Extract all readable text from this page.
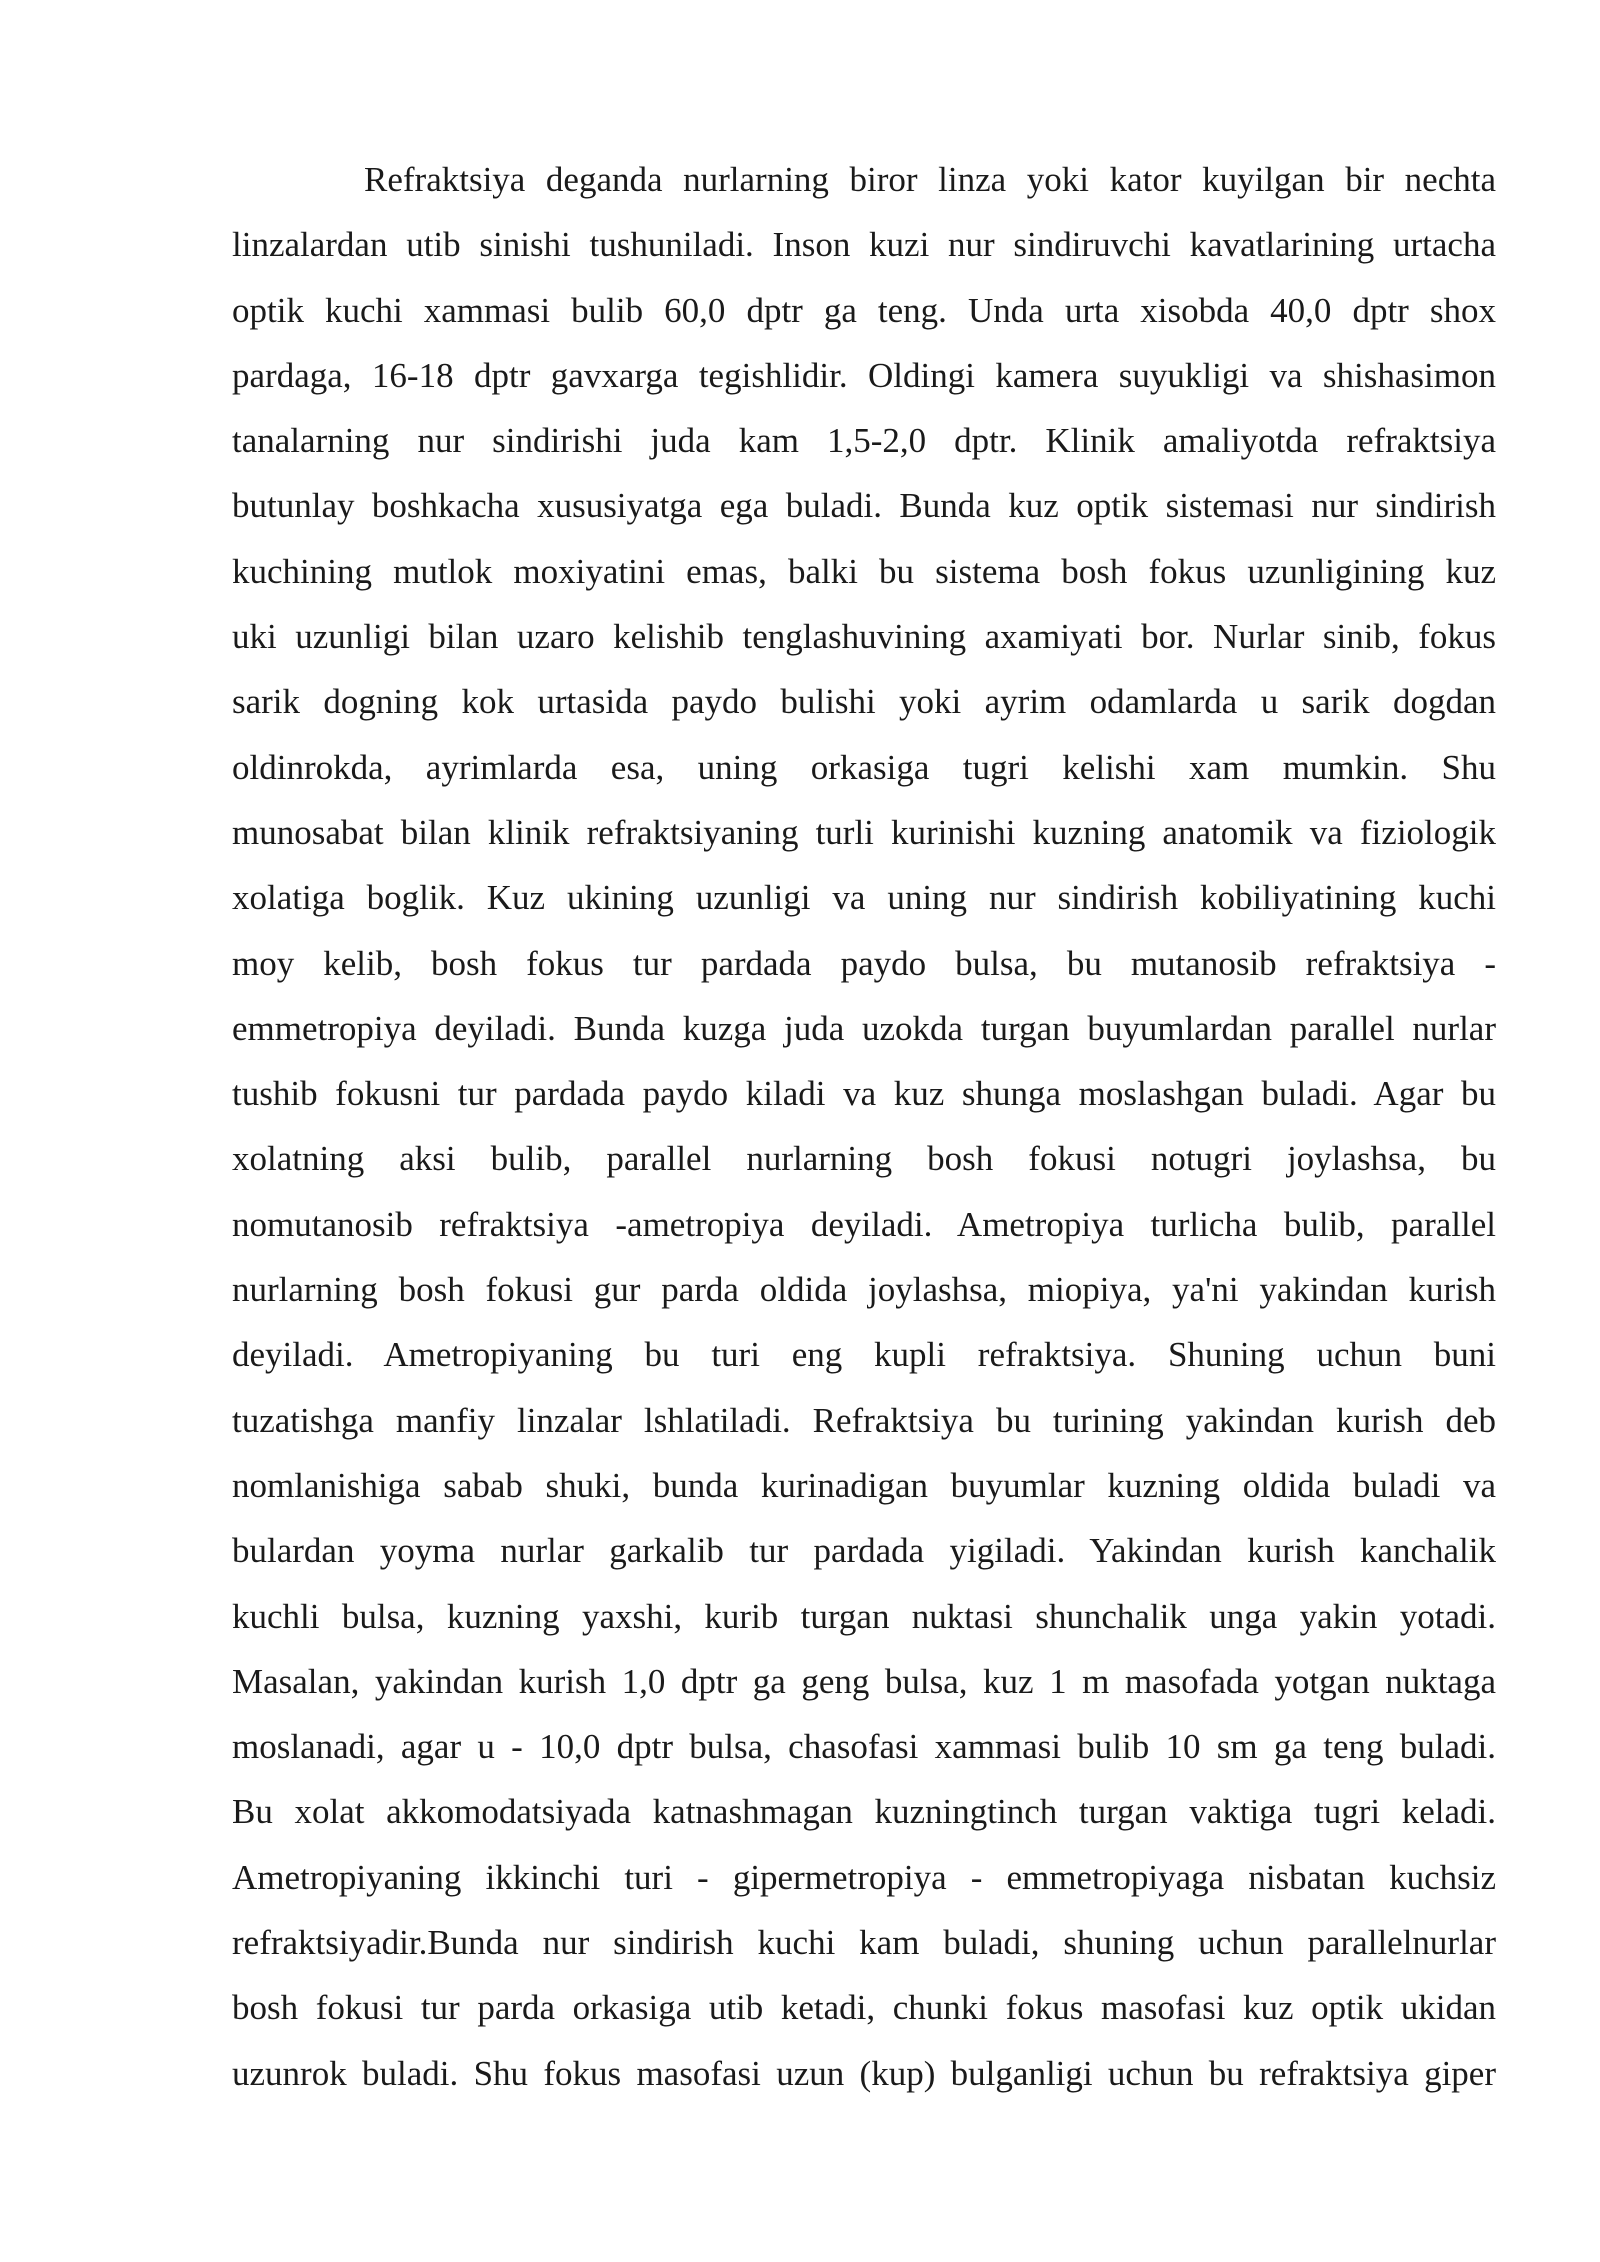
Refraktsiya deganda nurlarning biror linza yoki kator kuyilgan bir nechta
linzalardan utib sinishi tushuniladi. Inson kuzi nur sindiruvchi kavatlarining urtacha
optik kuchi xammasi bulib 60,0 dptr ga teng. Unda urta xisobda 40,0 dptr shox
pardaga, 16-18 dptr gavxarga tegishlidir. Oldingi kamera suyukligi va shishasimon
tanalarning nur sindirishi juda kam 1,5-2,0 dptr. Klinik amaliyotda refraktsiya
butunlay boshkacha xususiyatga ega buladi. Bunda kuz optik sistemasi nur sindirish
kuchining mutlok moxiyatini emas, balki bu sistema bosh fokus uzunligining kuz
uki uzunligi bilan uzaro kelishib tenglashuvining axamiyati bor. Nurlar sinib, fokus
sarik dogning kok urtasida paydo bulishi yoki ayrim odamlarda u sarik dogdan
oldinrokda, ayrimlarda esa, uning orkasiga tugri kelishi xam mumkin. Shu
munosabat bilan klinik refraktsiyaning turli kurinishi kuzning anatomik va fiziologik
xolatiga boglik. Kuz ukining uzunligi va uning nur sindirish kobiliyatining kuchi
moy kelib, bosh fokus tur pardada paydo bulsa, bu mutanosib refraktsiya -
emmetropiya deyiladi. Bunda kuzga juda uzokda turgan buyumlardan parallel nurlar
tushib fokusni tur pardada paydo kiladi va kuz shunga moslashgan buladi. Agar bu
xolatning aksi bulib, parallel nurlarning bosh fokusi notugri joylashsa, bu
nomutanosib refraktsiya -ametropiya deyiladi. Ametropiya turlicha bulib, parallel
nurlarning bosh fokusi gur parda oldida joylashsa, miopiya, ya'ni yakindan kurish
deyiladi. Ametropiyaning bu turi eng kupli refraktsiya. Shuning uchun buni
tuzatishga manfiy linzalar lshlatiladi. Refraktsiya bu turining yakindan kurish deb
nomlanishiga sabab shuki, bunda kurinadigan buyumlar kuzning oldida buladi va
bulardan yoyma nurlar garkalib tur pardada yigiladi. Yakindan kurish kanchalik
kuchli bulsa, kuzning yaxshi, kurib turgan nuktasi shunchalik unga yakin yotadi.
Masalan, yakindan kurish 1,0 dptr ga geng bulsa, kuz 1 m masofada yotgan nuktaga
moslanadi, agar u - 10,0 dptr bulsa, chasofasi xammasi bulib 10 sm ga teng buladi.
Bu xolat akkomodatsiyada katnashmagan kuzningtinch turgan vaktiga tugri keladi.
Ametropiyaning ikkinchi turi - gipermetropiya - emmetropiyaga nisbatan kuchsiz
refraktsiyadir.Bunda nur sindirish kuchi kam buladi, shuning uchun parallelnurlar
bosh fokusi tur parda orkasiga utib ketadi, chunki fokus masofasi kuz optik ukidan
uzunrok buladi. Shu fokus masofasi uzun (kup) bulganligi uchun bu refraktsiya giper
